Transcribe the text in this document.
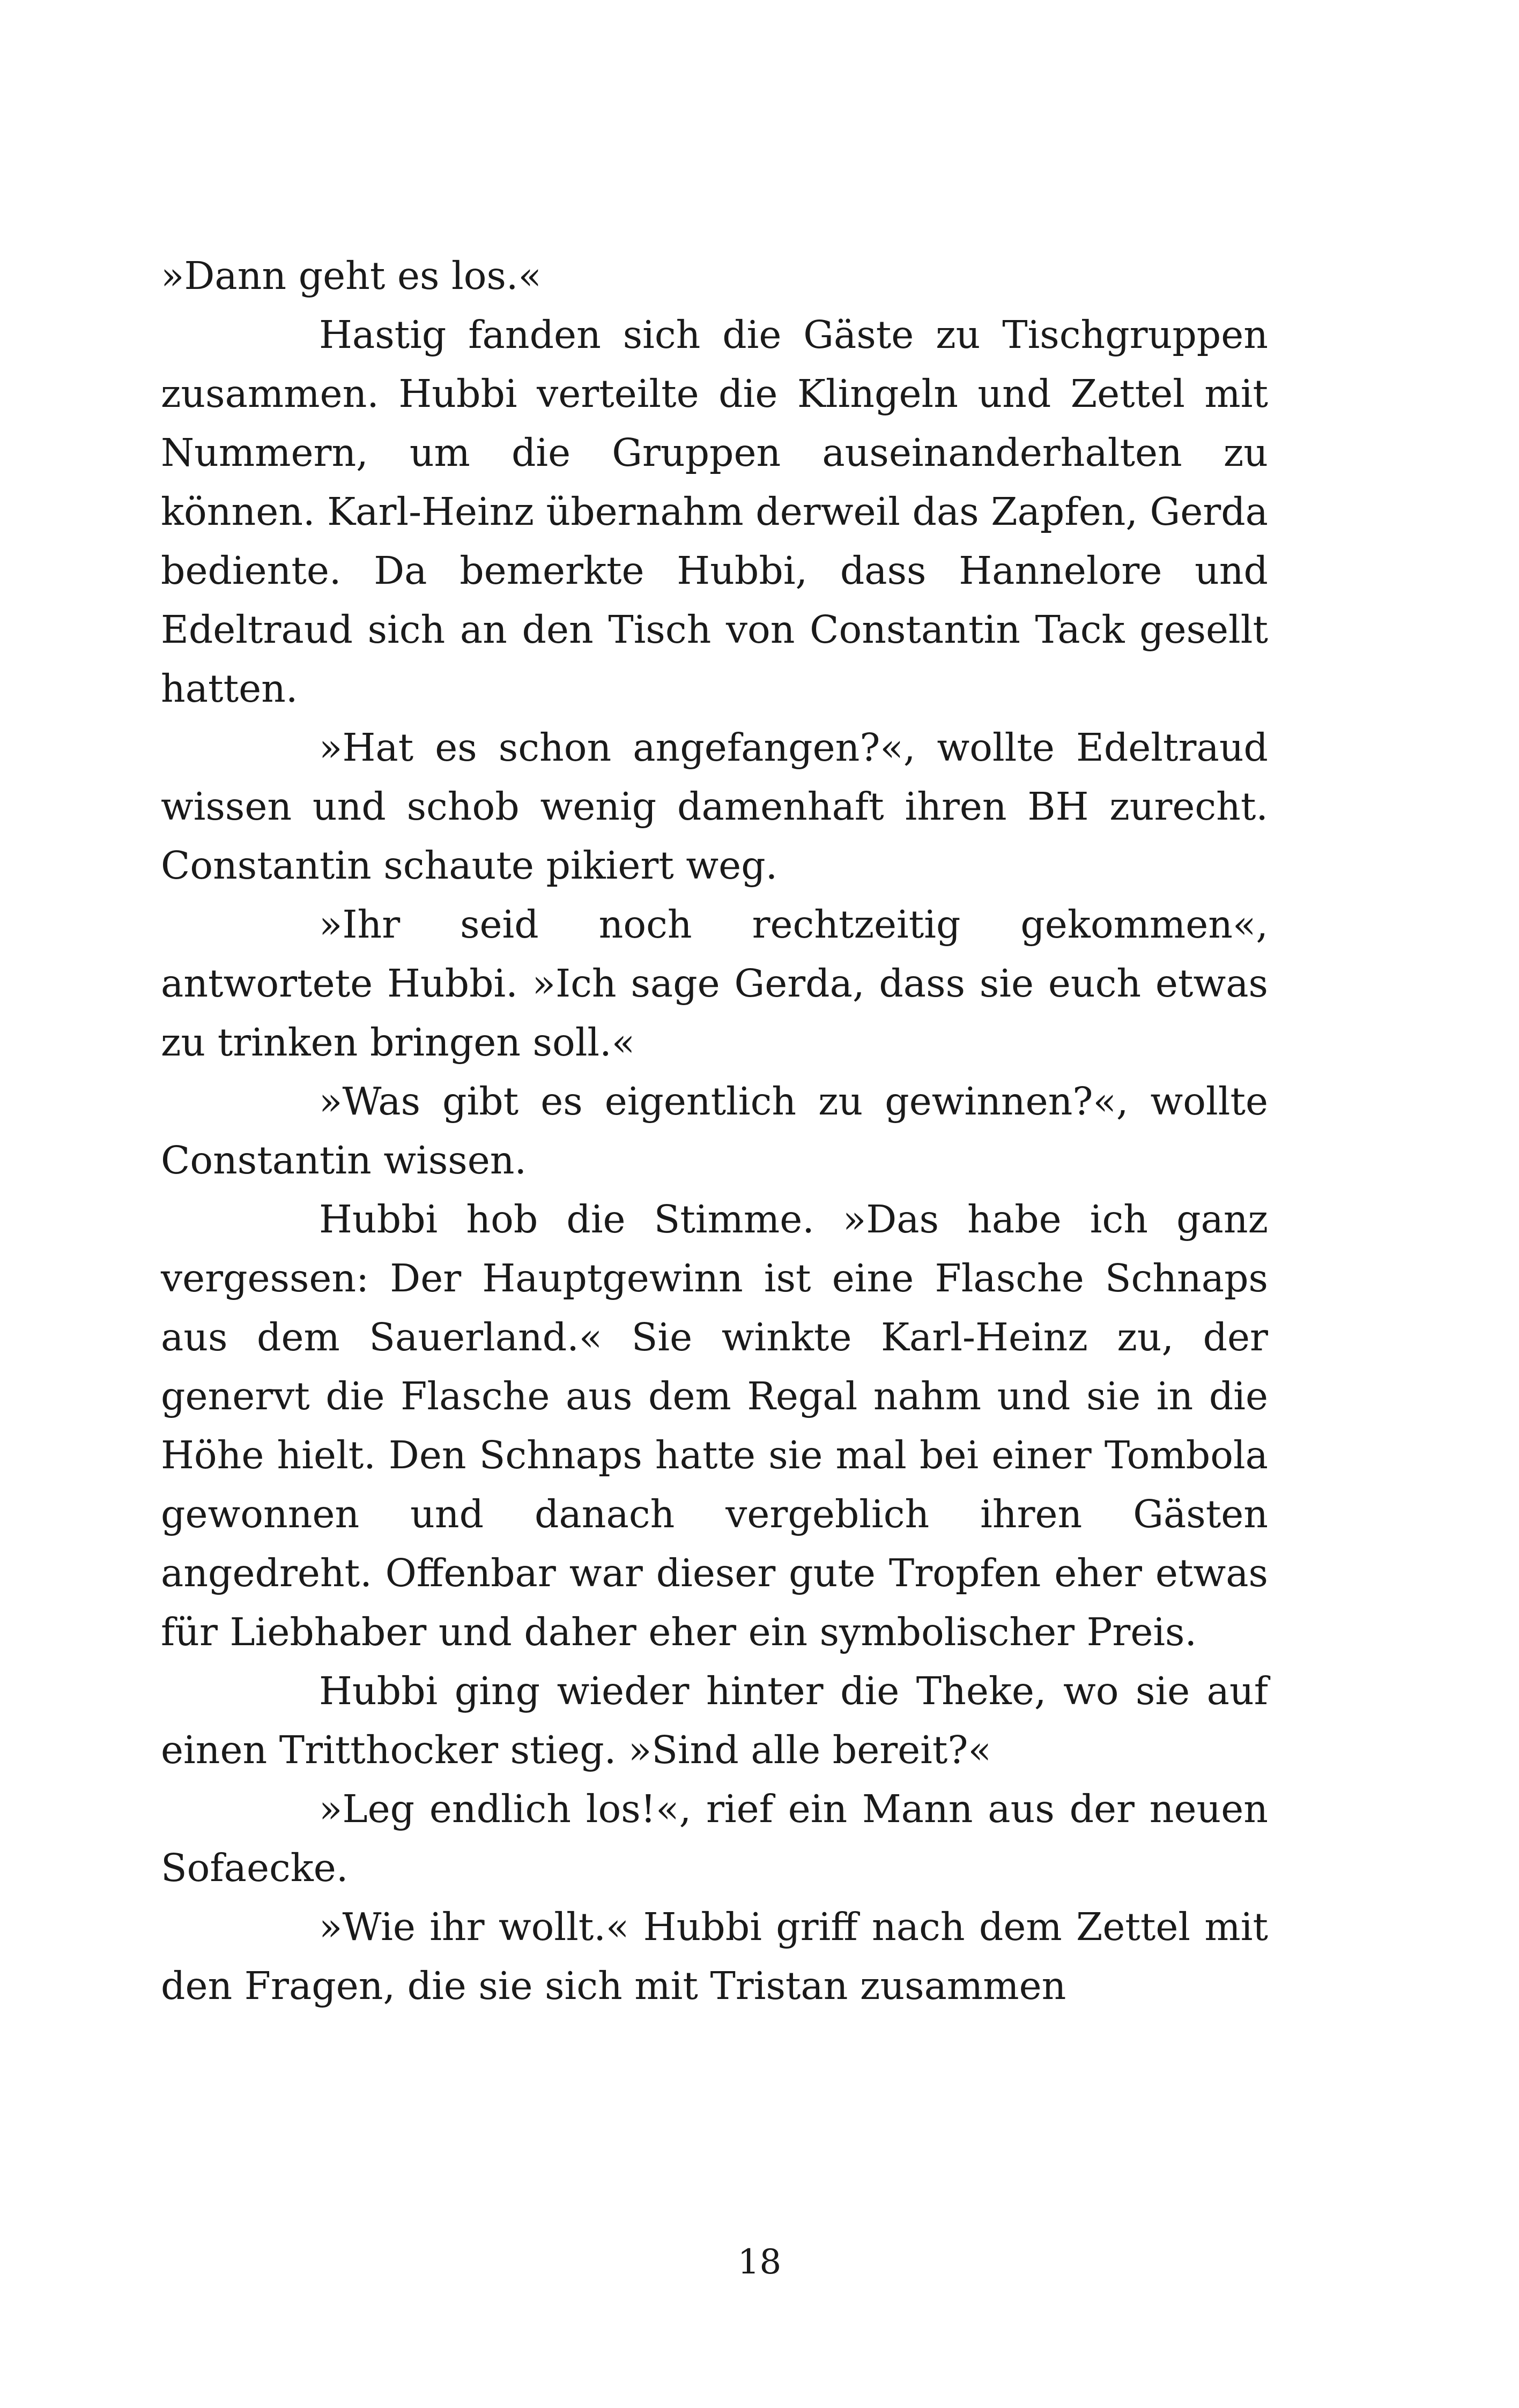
»Dann geht es los.«

Hastig fanden sich die Gäste zu Tischgruppen zusammen. Hubbi verteilte die Klingeln und Zettel mit Nummern, um die Gruppen auseinanderhalten zu können. Karl-Heinz übernahm derweil das Zapfen, Gerda bediente. Da bemerkte Hubbi, dass Hannelore und Edeltraud sich an den Tisch von Constantin Tack gesellt hatten.

»Hat es schon angefangen?«, wollte Edeltraud wissen und schob wenig damenhaft ihren BH zurecht. Constantin schaute pikiert weg.

»Ihr seid noch rechtzeitig gekommen«, antwortete Hubbi. »Ich sage Gerda, dass sie euch etwas zu trinken bringen soll.«

»Was gibt es eigentlich zu gewinnen?«, wollte Constantin wissen.

Hubbi hob die Stimme. »Das habe ich ganz vergessen: Der Hauptgewinn ist eine Flasche Schnaps aus dem Sauerland.« Sie winkte Karl-Heinz zu, der genervt die Flasche aus dem Regal nahm und sie in die Höhe hielt. Den Schnaps hatte sie mal bei einer Tombola gewonnen und danach vergeblich ihren Gästen angedreht. Offenbar war dieser gute Tropfen eher etwas für Liebhaber und daher eher ein symbolischer Preis.

Hubbi ging wieder hinter die Theke, wo sie auf einen Tritthocker stieg. »Sind alle bereit?«

»Leg endlich los!«, rief ein Mann aus der neuen Sofaecke.

»Wie ihr wollt.« Hubbi griff nach dem Zettel mit den Fragen, die sie sich mit Tristan zusammen

18
